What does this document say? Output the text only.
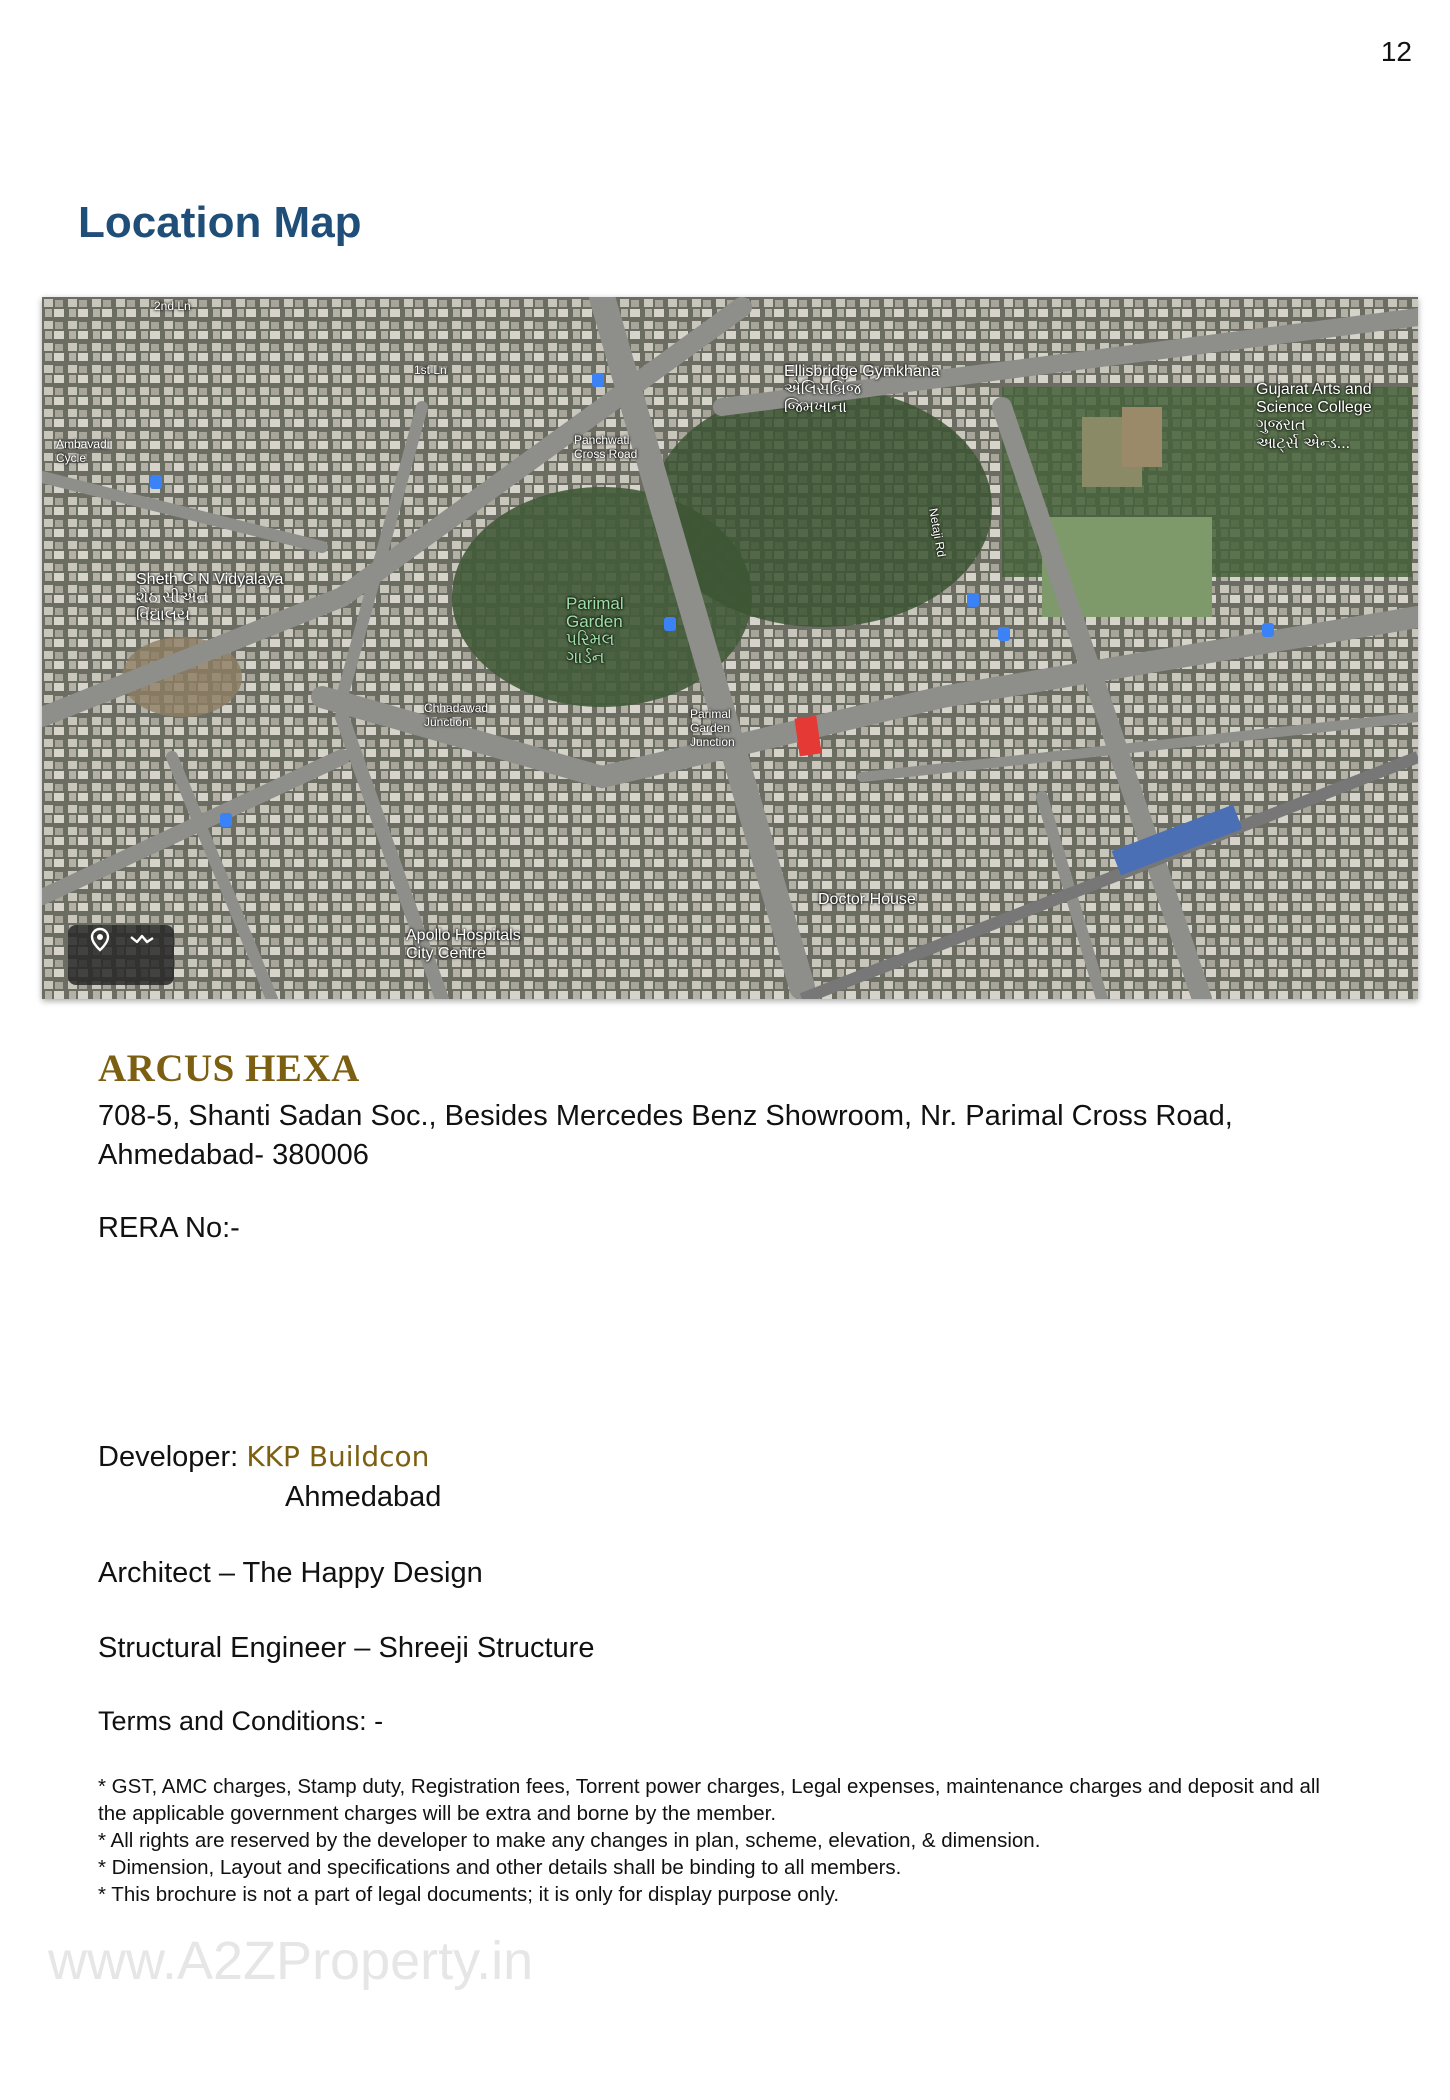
12
Location Map
2nd Ln
1st Ln
Ambavadi
Cycle
Panchwati
Cross Road
Ellisbridge Gymkhana
એલિસબ્રિજ
જિમખાના
Gujarat Arts and
Science College
ગુજરાત
આર્ટ્સ એન્ડ...
Netaji Rd
Sheth C N Vidyalaya
શેઠ સીએન
વિદ્યાલય
Parimal
Garden
પરિમલ
ગાર્ડન
Chhadawad
Junction
Parimal
Garden
Junction
Doctor House
Apollo Hospitals
City Centre
ARCUS HEXA
708-5, Shanti Sadan Soc., Besides Mercedes Benz Showroom, Nr. Parimal Cross Road, Ahmedabad- 380006
RERA No:-
Developer: KKP Buildcon
Ahmedabad
Architect – The Happy Design
Structural Engineer – Shreeji Structure
Terms and Conditions: -
* GST, AMC charges, Stamp duty, Registration fees, Torrent power charges, Legal expenses, maintenance charges and deposit and all the applicable government charges will be extra and borne by the member.
* All rights are reserved by the developer to make any changes in plan, scheme, elevation, & dimension.
* Dimension, Layout and specifications and other details shall be binding to all members.
* This brochure is not a part of legal documents; it is only for display purpose only.
www.A2ZProperty.in
